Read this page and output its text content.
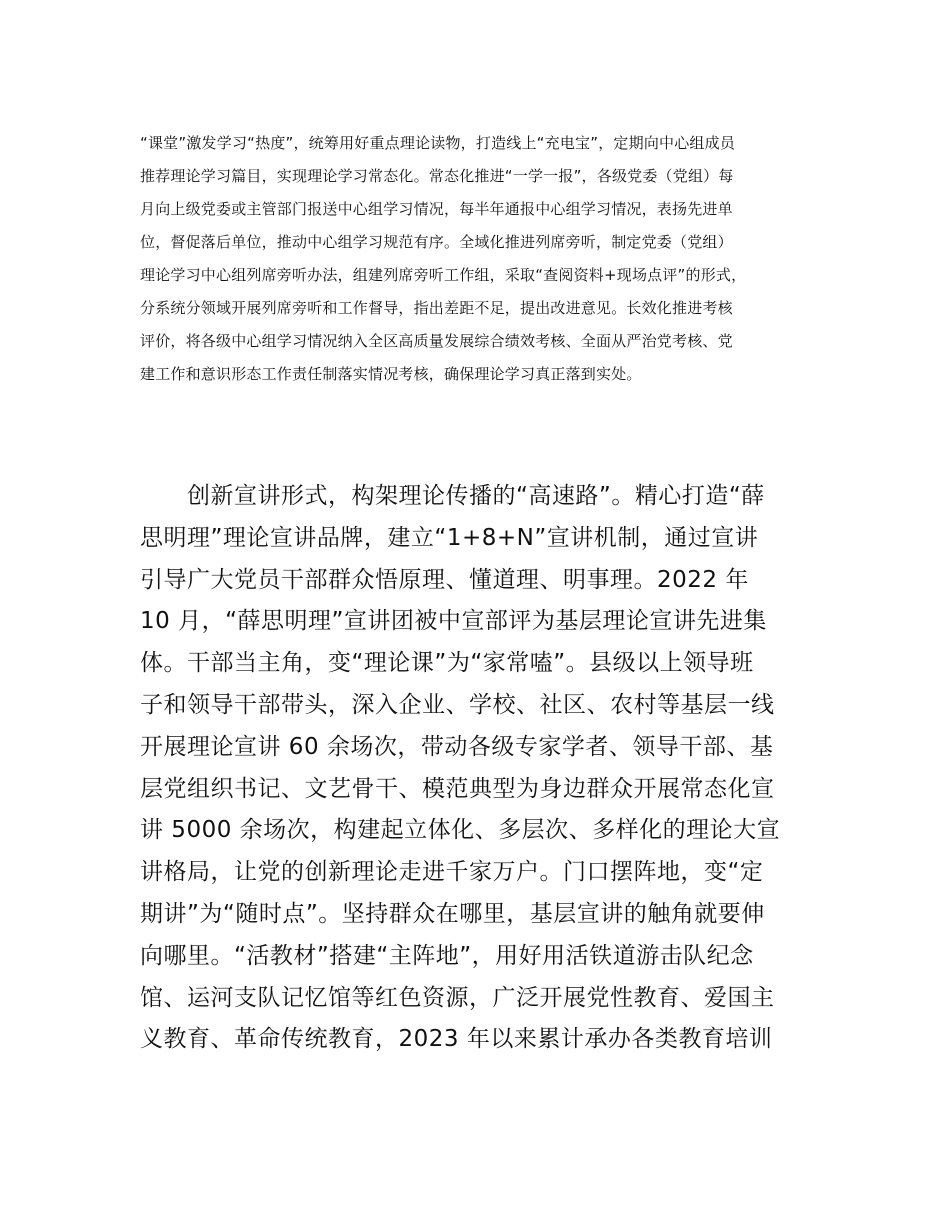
“课堂”激发学习“热度”，统筹用好重点理论读物，打造线上“充电宝”，定期向中心组成员
推荐理论学习篇目，实现理论学习常态化。常态化推进“一学一报”，各级党委（党组）每
月向上级党委或主管部门报送中心组学习情况，每半年通报中心组学习情况，表扬先进单
位，督促落后单位，推动中心组学习规范有序。全域化推进列席旁听，制定党委（党组）
理论学习中心组列席旁听办法，组建列席旁听工作组，采取“查阅资料+现场点评”的形式，
分系统分领域开展列席旁听和工作督导，指出差距不足，提出改进意见。长效化推进考核
评价，将各级中心组学习情况纳入全区高质量发展综合绩效考核、全面从严治党考核、党
建工作和意识形态工作责任制落实情况考核，确保理论学习真正落到实处。
　　创新宣讲形式，构架理论传播的“高速路”。精心打造“薛
思明理”理论宣讲品牌，建立“1+8+N”宣讲机制，通过宣讲
引导广大党员干部群众悟原理、懂道理、明事理。2022 年
10 月，“薛思明理”宣讲团被中宣部评为基层理论宣讲先进集
体。干部当主角，变“理论课”为“家常嗑”。县级以上领导班
子和领导干部带头，深入企业、学校、社区、农村等基层一线
开展理论宣讲 60 余场次，带动各级专家学者、领导干部、基
层党组织书记、文艺骨干、模范典型为身边群众开展常态化宣
讲 5000 余场次，构建起立体化、多层次、多样化的理论大宣
讲格局，让党的创新理论走进千家万户。门口摆阵地，变“定
期讲”为“随时点”。坚持群众在哪里，基层宣讲的触角就要伸
向哪里。“活教材”搭建“主阵地”，用好用活铁道游击队纪念
馆、运河支队记忆馆等红色资源，广泛开展党性教育、爱国主
义教育、革命传统教育，2023 年以来累计承办各类教育培训
